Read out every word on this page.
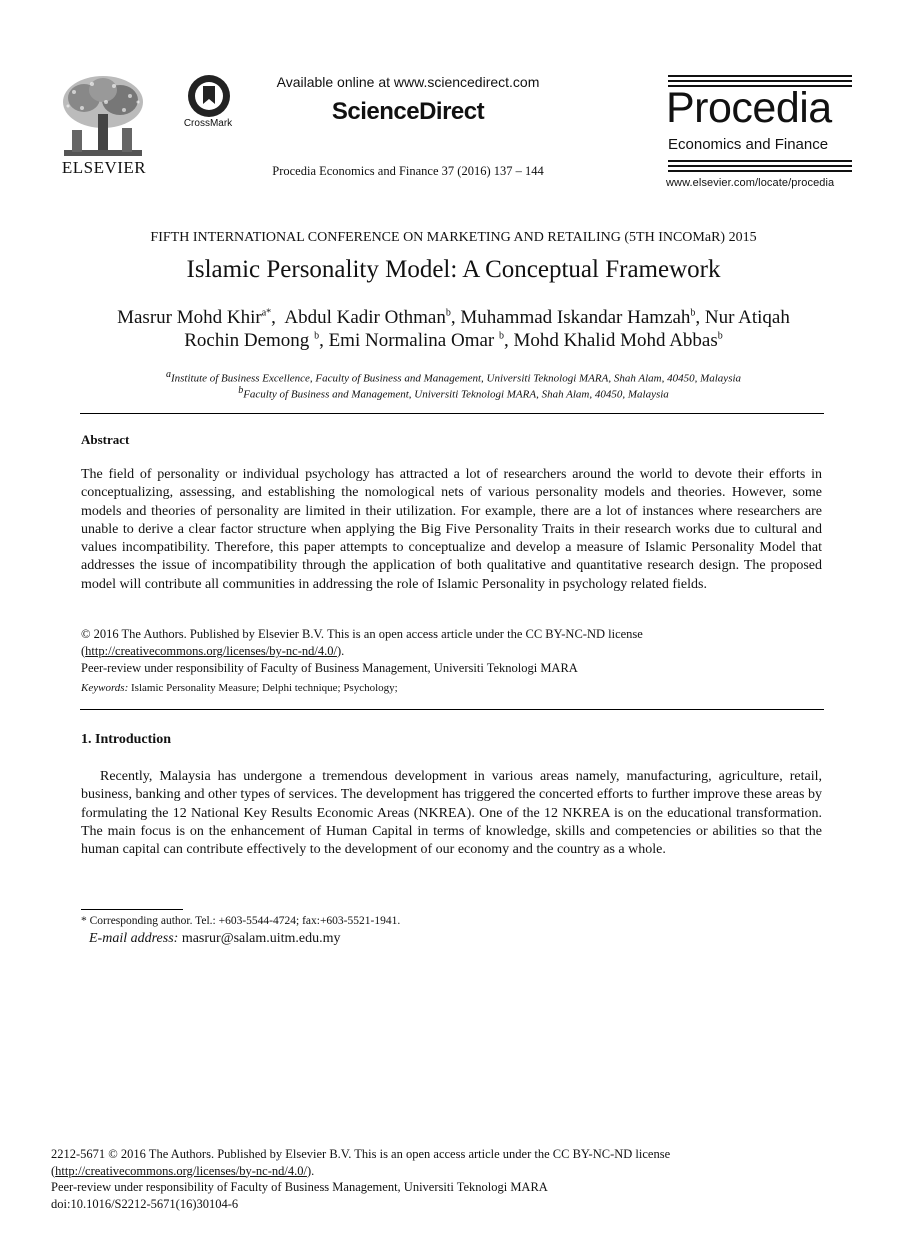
ELSEVIER
CrossMark
Available online at www.sciencedirect.com
ScienceDirect
Procedia Economics and Finance 37 (2016) 137 – 144
Procedia
Economics and Finance
www.elsevier.com/locate/procedia
FIFTH INTERNATIONAL CONFERENCE ON MARKETING AND RETAILING (5TH INCOMaR) 2015
Islamic Personality Model: A Conceptual Framework
Masrur Mohd Khir$^{a*}$,  Abdul Kadir Othman$^b$, Muhammad Iskandar Hamzah$^b$, Nur Atiqah
Rochin Demong $^b$, Emi Normalina Omar $^b$, Mohd Khalid Mohd Abbas$^b$
$^a$Institute of Business Excellence, Faculty of Business and Management, Universiti Teknologi MARA, Shah Alam, 40450, Malaysia
$^b$Faculty of Business and Management, Universiti Teknologi MARA, Shah Alam, 40450, Malaysia
Abstract
The field of personality or individual psychology has attracted a lot of researchers around the world to devote their efforts in conceptualizing, assessing, and establishing the nomological nets of various personality models and theories. However, some models and theories of personality are limited in their utilization. For example, there are a lot of instances where researchers are unable to derive a clear factor structure when applying the Big Five Personality Traits in their research works due to cultural and values incompatibility. Therefore, this paper attempts to conceptualize and develop a measure of Islamic Personality Model that addresses the issue of incompatibility through the application of both qualitative and quantitative research design. The proposed model will contribute all communities in addressing the role of Islamic Personality in psychology related fields.
© 2016 The Authors. Published by Elsevier B.V. This is an open access article under the CC BY-NC-ND license
(http://creativecommons.org/licenses/by-nc-nd/4.0/).
Peer-review under responsibility of Faculty of Business Management, Universiti Teknologi MARA
Keywords: Islamic Personality Measure; Delphi technique; Psychology;
1. Introduction
Recently, Malaysia has undergone a tremendous development in various areas namely, manufacturing, agriculture, retail, business, banking and other types of services. The development has triggered the concerted efforts to further improve these areas by formulating the 12 National Key Results Economic Areas (NKREA). One of the 12 NKREA is on the educational transformation. The main focus is on the enhancement of Human Capital in terms of knowledge, skills and competencies or abilities so that the human capital can contribute effectively to the development of our economy and the country as a whole.
* Corresponding author. Tel.: +603-5544-4724; fax:+603-5521-1941.
E-mail address: masrur@salam.uitm.edu.my
2212-5671 © 2016 The Authors. Published by Elsevier B.V. This is an open access article under the CC BY-NC-ND license
(http://creativecommons.org/licenses/by-nc-nd/4.0/).
Peer-review under responsibility of Faculty of Business Management, Universiti Teknologi MARA
doi:10.1016/S2212-5671(16)30104-6
